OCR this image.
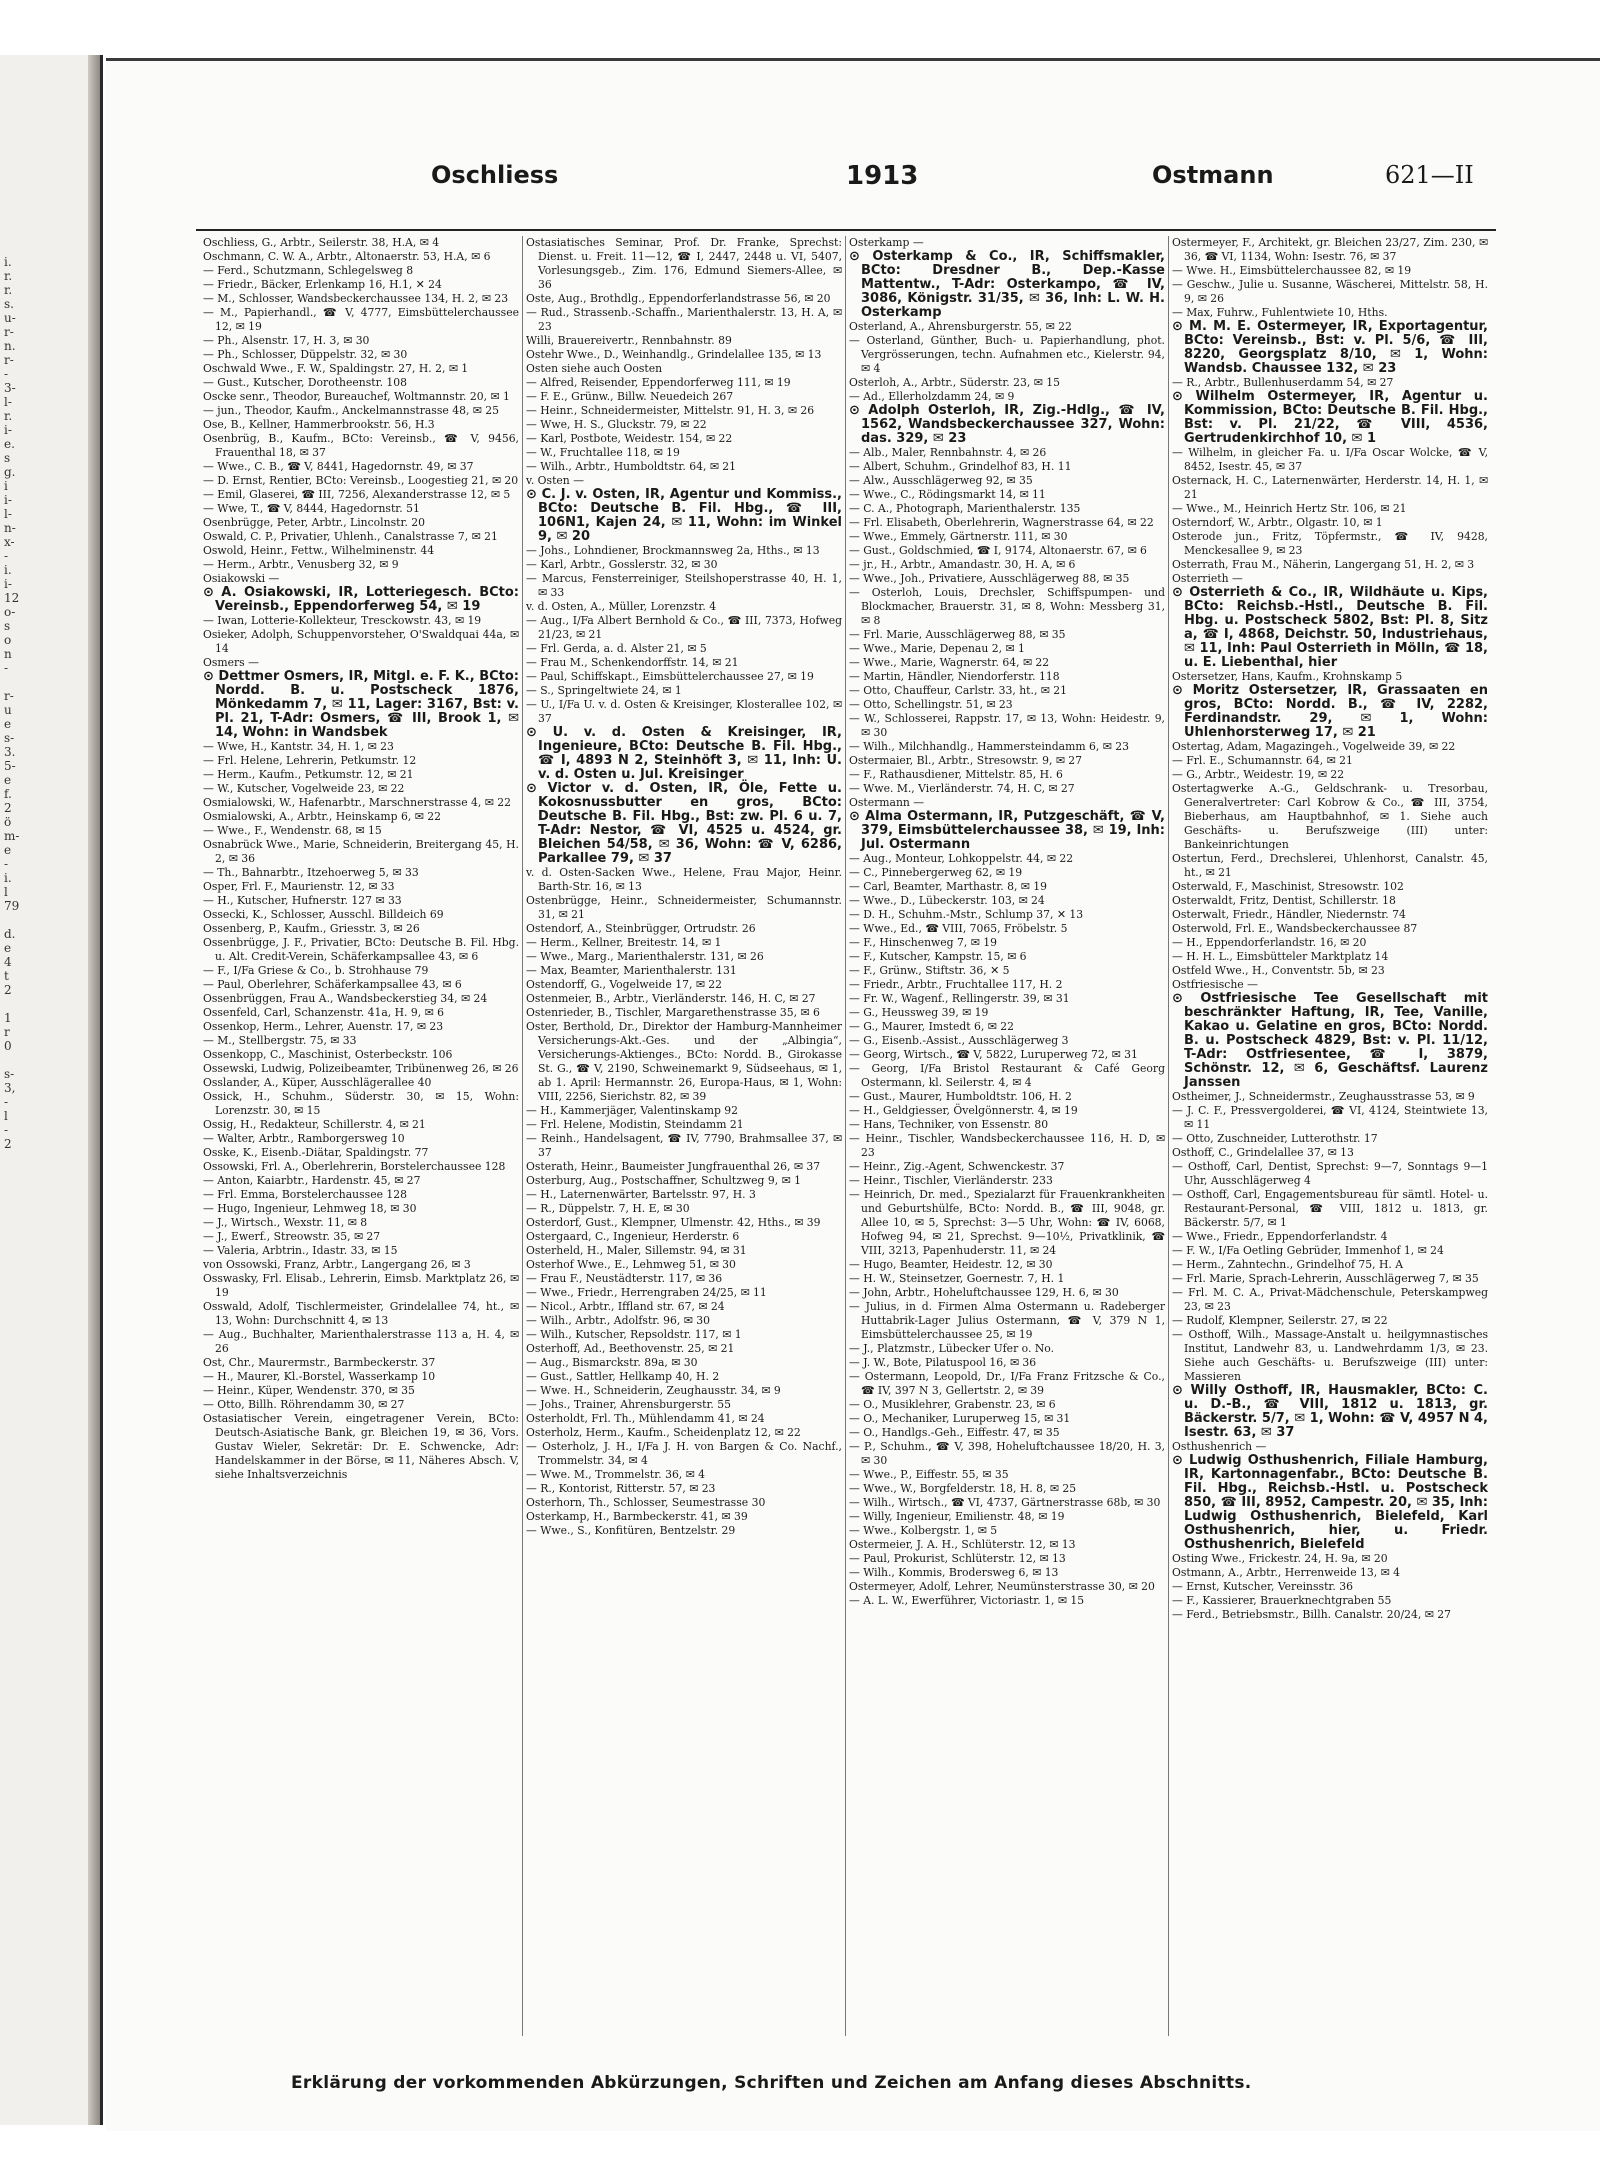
i.
r.
r.
s.
u-
r-
n.
r-
-
3-
l-
r.
i-
e.
s
g.
i
i-
l-
n-
x-
-
i.
i-
12
o-
s
o
n
-

r-
u
e
s-
3.
5-
e
f.
2
ö
m-
e
-
i.
l
79

d.
e
4
t
2

1
r
0

s-
3,
-
l
-
2
Oschliess	1913	Ostmann	621—II

Oschliess, G., Arbtr., Seilerstr. 38, H.A, ✉ 4

Oschmann, C. W. A., Arbtr., Altonaerstr. 53, H.A, ✉ 6

— Ferd., Schutzmann, Schlegelsweg 8

— Friedr., Bäcker, Erlenkamp 16, H.1, ✕ 24

— M., Schlosser, Wandsbeckerchaussee 134, H. 2, ✉ 23

— M., Papierhandl., ☎ V, 4777, Eimsbüttelerchaussee 12, ✉ 19

— Ph., Alsenstr. 17, H. 3, ✉ 30

— Ph., Schlosser, Düppelstr. 32, ✉ 30

Oschwald Wwe., F. W., Spaldingstr. 27, H. 2, ✉ 1

— Gust., Kutscher, Dorotheenstr. 108

Oscke senr., Theodor, Bureauchef, Woltmannstr. 20, ✉ 1

— jun., Theodor, Kaufm., Anckelmannstrasse 48, ✉ 25

Ose, B., Kellner, Hammerbrookstr. 56, H.3

Osenbrüg, B., Kaufm., BCto: Vereinsb., ☎ V, 9456, Frauenthal 18, ✉ 37

— Wwe., C. B., ☎ V, 8441, Hagedornstr. 49, ✉ 37

— D. Ernst, Rentier, BCto: Vereinsb., Loogestieg 21, ✉ 20

— Emil, Glaserei, ☎ III, 7256, Alexanderstrasse 12, ✉ 5

— Wwe, T., ☎ V, 8444, Hagedornstr. 51

Osenbrügge, Peter, Arbtr., Lincolnstr. 20

Oswald, C. P., Privatier, Uhlenh., Canalstrasse 7, ✉ 21

Oswold, Heinr., Fettw., Wilhelminenstr. 44

— Herm., Arbtr., Venusberg 32, ✉ 9

Osiakowski —

⊙ A. Osiakowski, IR, Lotteriegesch. BCto: Vereinsb., Eppendorferweg 54, ✉ 19

— Iwan, Lotterie-Kollekteur, Tresckowstr. 43, ✉ 19

Osieker, Adolph, Schuppenvorsteher, O'Swaldquai 44a, ✉ 14

Osmers —

⊙ Dettmer Osmers, IR, Mitgl. e. F. K., BCto: Nordd. B. u. Postscheck 1876, Mönkedamm 7, ✉ 11, Lager: 3167, Bst: v. Pl. 21, T-Adr: Osmers, ☎ III, Brook 1, ✉ 14, Wohn: in Wandsbek

— Wwe, H., Kantstr. 34, H. 1, ✉ 23

— Frl. Helene, Lehrerin, Petkumstr. 12

— Herm., Kaufm., Petkumstr. 12, ✉ 21

— W., Kutscher, Vogelweide 23, ✉ 22

Osmialowski, W., Hafenarbtr., Marschnerstrasse 4, ✉ 22

Osmialowski, A., Arbtr., Heinskamp 6, ✉ 22

— Wwe., F., Wendenstr. 68, ✉ 15

Osnabrück Wwe., Marie, Schneiderin, Breitergang 45, H. 2, ✉ 36

— Th., Bahnarbtr., Itzehoerweg 5, ✉ 33

Osper, Frl. F., Maurienstr. 12, ✉ 33

— H., Kutscher, Hufnerstr. 127 ✉ 33

Ossecki, K., Schlosser, Ausschl. Billdeich 69

Ossenberg, P., Kaufm., Griesstr. 3, ✉ 26

Ossenbrügge, J. F., Privatier, BCto: Deutsche B. Fil. Hbg. u. Alt. Credit-Verein, Schäferkampsallee 43, ✉ 6

— F., I/Fa Griese & Co., b. Strohhause 79

— Paul, Oberlehrer, Schäferkampsallee 43, ✉ 6

Ossenbrüggen, Frau A., Wandsbeckerstieg 34, ✉ 24

Ossenfeld, Carl, Schanzenstr. 41a, H. 9, ✉ 6

Ossenkop, Herm., Lehrer, Auenstr. 17, ✉ 23

— M., Stellbergstr. 75, ✉ 33

Ossenkopp, C., Maschinist, Osterbeckstr. 106

Ossewski, Ludwig, Polizeibeamter, Tribünenweg 26, ✉ 26

Osslander, A., Küper, Ausschlägerallee 40

Ossick, H., Schuhm., Süderstr. 30, ✉ 15, Wohn: Lorenzstr. 30, ✉ 15

Ossig, H., Redakteur, Schillerstr. 4, ✉ 21

— Walter, Arbtr., Ramborgersweg 10

Osske, K., Eisenb.-Diätar, Spaldingstr. 77

Ossowski, Frl. A., Oberlehrerin, Borstelerchaussee 128

— Anton, Kaiarbtr., Hardenstr. 45, ✉ 27

— Frl. Emma, Borstelerchaussee 128

— Hugo, Ingenieur, Lehmweg 18, ✉ 30

— J., Wirtsch., Wexstr. 11, ✉ 8

— J., Ewerf., Streowstr. 35, ✉ 27

— Valeria, Arbtrin., Idastr. 33, ✉ 15

von Ossowski, Franz, Arbtr., Langergang 26, ✉ 3

Osswasky, Frl. Elisab., Lehrerin, Eimsb. Marktplatz 26, ✉ 19

Osswald, Adolf, Tischlermeister, Grindelallee 74, ht., ✉ 13, Wohn: Durchschnitt 4, ✉ 13

— Aug., Buchhalter, Marienthalerstrasse 113 a, H. 4, ✉ 26

Ost, Chr., Maurermstr., Barmbeckerstr. 37

— H., Maurer, Kl.-Borstel, Wasserkamp 10

— Heinr., Küper, Wendenstr. 370, ✉ 35

— Otto, Billh. Röhrendamm 30, ✉ 27

Ostasiatischer Verein, eingetragener Verein, BCto: Deutsch-Asiatische Bank, gr. Bleichen 19, ✉ 36, Vors. Gustav Wieler, Sekretär: Dr. E. Schwencke, Adr: Handelskammer in der Börse, ✉ 11, Näheres Absch. V, siehe Inhaltsverzeichnis

Ostasiatisches Seminar, Prof. Dr. Franke, Sprechst: Dienst. u. Freit. 11—12, ☎ I, 2447, 2448 u. VI, 5407, Vorlesungsgeb., Zim. 176, Edmund Siemers-Allee, ✉ 36

Oste, Aug., Brothdlg., Eppendorferlandstrasse 56, ✉ 20

— Rud., Strassenb.-Schaffn., Marienthalerstr. 13, H. A, ✉ 23

Willi, Brauereivertr., Rennbahnstr. 89

Ostehr Wwe., D., Weinhandlg., Grindelallee 135, ✉ 13

Osten siehe auch Oosten

— Alfred, Reisender, Eppendorferweg 111, ✉ 19

— F. E., Grünw., Billw. Neuedeich 267

— Heinr., Schneidermeister, Mittelstr. 91, H. 3, ✉ 26

— Wwe, H. S., Gluckstr. 79, ✉ 22

— Karl, Postbote, Weidestr. 154, ✉ 22

— W., Fruchtallee 118, ✉ 19

— Wilh., Arbtr., Humboldtstr. 64, ✉ 21

v. Osten —

⊙ C. J. v. Osten, IR, Agentur und Kommiss., BCto: Deutsche B. Fil. Hbg., ☎ III, 106N1, Kajen 24, ✉ 11, Wohn: im Winkel 9, ✉ 20

— Johs., Lohndiener, Brockmannsweg 2a, Hths., ✉ 13

— Karl, Arbtr., Gosslerstr. 32, ✉ 30

— Marcus, Fensterreiniger, Steilshoperstrasse 40, H. 1, ✉ 33

v. d. Osten, A., Müller, Lorenzstr. 4

— Aug., I/Fa Albert Bernhold & Co., ☎ III, 7373, Hofweg 21/23, ✉ 21

— Frl. Gerda, a. d. Alster 21, ✉ 5

— Frau M., Schenkendorffstr. 14, ✉ 21

— Paul, Schiffskapt., Eimsbüttelerchaussee 27, ✉ 19

— S., Springeltwiete 24, ✉ 1

— U., I/Fa U. v. d. Osten & Kreisinger, Klosterallee 102, ✉ 37

⊙ U. v. d. Osten & Kreisinger, IR, Ingenieure, BCto: Deutsche B. Fil. Hbg., ☎ I, 4893 N 2, Steinhöft 3, ✉ 11, Inh: U. v. d. Osten u. Jul. Kreisinger

⊙ Victor v. d. Osten, IR, Öle, Fette u. Kokosnussbutter en gros, BCto: Deutsche B. Fil. Hbg., Bst: zw. Pl. 6 u. 7, T-Adr: Nestor, ☎ VI, 4525 u. 4524, gr. Bleichen 54/58, ✉ 36, Wohn: ☎ V, 6286, Parkallee 79, ✉ 37

v. d. Osten-Sacken Wwe., Helene, Frau Major, Heinr. Barth-Str. 16, ✉ 13

Ostenbrügge, Heinr., Schneidermeister, Schumannstr. 31, ✉ 21

Ostendorf, A., Steinbrügger, Ortrudstr. 26

— Herm., Kellner, Breitestr. 14, ✉ 1

— Wwe., Marg., Marienthalerstr. 131, ✉ 26

— Max, Beamter, Marienthalerstr. 131

Ostendorff, G., Vogelweide 17, ✉ 22

Ostenmeier, B., Arbtr., Vierländerstr. 146, H. C, ✉ 27

Ostenrieder, B., Tischler, Margarethenstrasse 35, ✉ 6

Oster, Berthold, Dr., Direktor der Hamburg-Mannheimer Versicherungs-Akt.-Ges. und der „Albingia“, Versicherungs-Aktienges., BCto: Nordd. B., Girokasse St. G., ☎ V, 2190, Schweinemarkt 9, Südseehaus, ✉ 1, ab 1. April: Hermannstr. 26, Europa-Haus, ✉ 1, Wohn: VIII, 2256, Sierichstr. 82, ✉ 39

— H., Kammerjäger, Valentinskamp 92

— Frl. Helene, Modistin, Steindamm 21

— Reinh., Handelsagent, ☎ IV, 7790, Brahmsallee 37, ✉ 37

Osterath, Heinr., Baumeister Jungfrauenthal 26, ✉ 37

Osterburg, Aug., Postschaffner, Schultzweg 9, ✉ 1

— H., Laternenwärter, Bartelsstr. 97, H. 3

— R., Düppelstr. 7, H. E, ✉ 30

Osterdorf, Gust., Klempner, Ulmenstr. 42, Hths., ✉ 39

Ostergaard, C., Ingenieur, Herderstr. 6

Osterheld, H., Maler, Sillemstr. 94, ✉ 31

Osterhof Wwe., E., Lehmweg 51, ✉ 30

— Frau F., Neustädterstr. 117, ✉ 36

— Wwe., Friedr., Herrengraben 24/25, ✉ 11

— Nicol., Arbtr., Iffland str. 67, ✉ 24

— Wilh., Arbtr., Adolfstr. 96, ✉ 30

— Wilh., Kutscher, Repsoldstr. 117, ✉ 1

Osterhoff, Ad., Beethovenstr. 25, ✉ 21

— Aug., Bismarckstr. 89a, ✉ 30

— Gust., Sattler, Hellkamp 40, H. 2

— Wwe. H., Schneiderin, Zeughausstr. 34, ✉ 9

— Johs., Trainer, Ahrensburgerstr. 55

Osterholdt, Frl. Th., Mühlendamm 41, ✉ 24

Osterholz, Herm., Kaufm., Scheidenplatz 12, ✉ 22

— Osterholz, J. H., I/Fa J. H. von Bargen & Co. Nachf., Trommelstr. 34, ✉ 4

— Wwe. M., Trommelstr. 36, ✉ 4

— R., Kontorist, Ritterstr. 57, ✉ 23

Osterhorn, Th., Schlosser, Seumestrasse 30

Osterkamp, H., Barmbeckerstr. 41, ✉ 39

— Wwe., S., Konfitüren, Bentzelstr. 29

Osterkamp —

⊙ Osterkamp & Co., IR, Schiffsmakler, BCto: Dresdner B., Dep.-Kasse Mattentw., T-Adr: Osterkampo, ☎ IV, 3086, Königstr. 31/35, ✉ 36, Inh: L. W. H. Osterkamp

Osterland, A., Ahrensburgerstr. 55, ✉ 22

— Osterland, Günther, Buch- u. Papierhandlung, phot. Vergrösserungen, techn. Aufnahmen etc., Kielerstr. 94, ✉ 4

Osterloh, A., Arbtr., Süderstr. 23, ✉ 15

— Ad., Ellerholzdamm 24, ✉ 9

⊙ Adolph Osterloh, IR, Zig.-Hdlg., ☎ IV, 1562, Wandsbeckerchaussee 327, Wohn: das. 329, ✉ 23

— Alb., Maler, Rennbahnstr. 4, ✉ 26

— Albert, Schuhm., Grindelhof 83, H. 11

— Alw., Ausschlägerweg 92, ✉ 35

— Wwe., C., Rödingsmarkt 14, ✉ 11

— C. A., Photograph, Marienthalerstr. 135

— Frl. Elisabeth, Oberlehrerin, Wagnerstrasse 64, ✉ 22

— Wwe., Emmely, Gärtnerstr. 111, ✉ 30

— Gust., Goldschmied, ☎ I, 9174, Altonaerstr. 67, ✉ 6

— jr., H., Arbtr., Amandastr. 30, H. A, ✉ 6

— Wwe., Joh., Privatiere, Ausschlägerweg 88, ✉ 35

— Osterloh, Louis, Drechsler, Schiffspumpen- und Blockmacher, Brauerstr. 31, ✉ 8, Wohn: Messberg 31, ✉ 8

— Frl. Marie, Ausschlägerweg 88, ✉ 35

— Wwe., Marie, Depenau 2, ✉ 1

— Wwe., Marie, Wagnerstr. 64, ✉ 22

— Martin, Händler, Niendorferstr. 118

— Otto, Chauffeur, Carlstr. 33, ht., ✉ 21

— Otto, Schellingstr. 51, ✉ 23

— W., Schlosserei, Rappstr. 17, ✉ 13, Wohn: Heidestr. 9, ✉ 30

— Wilh., Milchhandlg., Hammersteindamm 6, ✉ 23

Ostermaier, Bl., Arbtr., Stresowstr. 9, ✉ 27

— F., Rathausdiener, Mittelstr. 85, H. 6

— Wwe. M., Vierländerstr. 74, H. C, ✉ 27

Ostermann —

⊙ Alma Ostermann, IR, Putzgeschäft, ☎ V, 379, Eimsbüttelerchaussee 38, ✉ 19, Inh: Jul. Ostermann

— Aug., Monteur, Lohkoppelstr. 44, ✉ 22

— C., Pinnebergerweg 62, ✉ 19

— Carl, Beamter, Marthastr. 8, ✉ 19

— Wwe., D., Lübeckerstr. 103, ✉ 24

— D. H., Schuhm.-Mstr., Schlump 37, ✕ 13

— Wwe., Ed., ☎ VIII, 7065, Fröbelstr. 5

— F., Hinschenweg 7, ✉ 19

— F., Kutscher, Kampstr. 15, ✉ 6

— F., Grünw., Stiftstr. 36, ✕ 5

— Friedr., Arbtr., Fruchtallee 117, H. 2

— Fr. W., Wagenf., Rellingerstr. 39, ✉ 31

— G., Heussweg 39, ✉ 19

— G., Maurer, Imstedt 6, ✉ 22

— G., Eisenb.-Assist., Ausschlägerweg 3

— Georg, Wirtsch., ☎ V, 5822, Luruperweg 72, ✉ 31

— Georg, I/Fa Bristol Restaurant & Café Georg Ostermann, kl. Seilerstr. 4, ✉ 4

— Gust., Maurer, Humboldtstr. 106, H. 2

— H., Geldgiesser, Övelgönnerstr. 4, ✉ 19

— Hans, Techniker, von Essenstr. 80

— Heinr., Tischler, Wandsbeckerchaussee 116, H. D, ✉ 23

— Heinr., Zig.-Agent, Schwenckestr. 37

— Heinr., Tischler, Vierländerstr. 233

— Heinrich, Dr. med., Spezialarzt für Frauenkrankheiten und Geburtshülfe, BCto: Nordd. B., ☎ III, 9048, gr. Allee 10, ✉ 5, Sprechst: 3—5 Uhr, Wohn: ☎ IV, 6068, Hofweg 94, ✉ 21, Sprechst. 9—10½, Privatklinik, ☎ VIII, 3213, Papenhuderstr. 11, ✉ 24

— Hugo, Beamter, Heidestr. 12, ✉ 30

— H. W., Steinsetzer, Goernestr. 7, H. 1

— John, Arbtr., Hoheluftchaussee 129, H. 6, ✉ 30

— Julius, in d. Firmen Alma Ostermann u. Radeberger Huttabrik-Lager Julius Ostermann, ☎ V, 379 N 1, Eimsbüttelerchaussee 25, ✉ 19

— J., Platzmstr., Lübecker Ufer o. No.

— J. W., Bote, Pilatuspool 16, ✉ 36

— Ostermann, Leopold, Dr., I/Fa Franz Fritzsche & Co., ☎ IV, 397 N 3, Gellertstr. 2, ✉ 39

— O., Musiklehrer, Grabenstr. 23, ✉ 6

— O., Mechaniker, Luruperweg 15, ✉ 31

— O., Handlgs.-Geh., Eiffestr. 47, ✉ 35

— P., Schuhm., ☎ V, 398, Hoheluftchaussee 18/20, H. 3, ✉ 30

— Wwe., P., Eiffestr. 55, ✉ 35

— Wwe., W., Borgfelderstr. 18, H. 8, ✉ 25

— Wilh., Wirtsch., ☎ VI, 4737, Gärtnerstrasse 68b, ✉ 30

— Willy, Ingenieur, Emilienstr. 48, ✉ 19

— Wwe., Kolbergstr. 1, ✉ 5

Ostermeier, J. A. H., Schlüterstr. 12, ✉ 13

— Paul, Prokurist, Schlüterstr. 12, ✉ 13

— Wilh., Kommis, Brodersweg 6, ✉ 13

Ostermeyer, Adolf, Lehrer, Neumünsterstrasse 30, ✉ 20

— A. L. W., Ewerführer, Victoriastr. 1, ✉ 15

Ostermeyer, F., Architekt, gr. Bleichen 23/27, Zim. 230, ✉ 36, ☎ VI, 1134, Wohn: Isestr. 76, ✉ 37

— Wwe. H., Eimsbüttelerchaussee 82, ✉ 19

— Geschw., Julie u. Susanne, Wäscherei, Mittelstr. 58, H. 9, ✉ 26

— Max, Fuhrw., Fuhlentwiete 10, Hths.

⊙ M. M. E. Ostermeyer, IR, Exportagentur, BCto: Vereinsb., Bst: v. Pl. 5/6, ☎ III, 8220, Georgsplatz 8/10, ✉ 1, Wohn: Wandsb. Chaussee 132, ✉ 23

— R., Arbtr., Bullenhuserdamm 54, ✉ 27

⊙ Wilhelm Ostermeyer, IR, Agentur u. Kommission, BCto: Deutsche B. Fil. Hbg., Bst: v. Pl. 21/22, ☎ VIII, 4536, Gertrudenkirchhof 10, ✉ 1

— Wilhelm, in gleicher Fa. u. I/Fa Oscar Wolcke, ☎ V, 8452, Isestr. 45, ✉ 37

Osternack, H. C., Laternenwärter, Herderstr. 14, H. 1, ✉ 21

— Wwe., M., Heinrich Hertz Str. 106, ✉ 21

Osterndorf, W., Arbtr., Olgastr. 10, ✉ 1

Osterode jun., Fritz, Töpfermstr., ☎ IV, 9428, Menckesallee 9, ✉ 23

Osterrath, Frau M., Näherin, Langergang 51, H. 2, ✉ 3

Osterrieth —

⊙ Osterrieth & Co., IR, Wildhäute u. Kips, BCto: Reichsb.-Hstl., Deutsche B. Fil. Hbg. u. Postscheck 5802, Bst: Pl. 8, Sitz a, ☎ I, 4868, Deichstr. 50, Industriehaus, ✉ 11, Inh: Paul Osterrieth in Mölln, ☎ 18, u. E. Liebenthal, hier

Ostersetzer, Hans, Kaufm., Krohnskamp 5

⊙ Moritz Ostersetzer, IR, Grassaaten en gros, BCto: Nordd. B., ☎ IV, 2282, Ferdinandstr. 29, ✉ 1, Wohn: Uhlenhorsterweg 17, ✉ 21

Ostertag, Adam, Magazingeh., Vogelweide 39, ✉ 22

— Frl. E., Schumannstr. 64, ✉ 21

— G., Arbtr., Weidestr. 19, ✉ 22

Ostertagwerke A.-G., Geldschrank- u. Tresorbau, Generalvertreter: Carl Kobrow & Co., ☎ III, 3754, Bieberhaus, am Hauptbahnhof, ✉ 1. Siehe auch Geschäfts- u. Berufszweige (III) unter: Bankeinrichtungen

Ostertun, Ferd., Drechslerei, Uhlenhorst, Canalstr. 45, ht., ✉ 21

Osterwald, F., Maschinist, Stresowstr. 102

Osterwaldt, Fritz, Dentist, Schillerstr. 18

Osterwalt, Friedr., Händler, Niedernstr. 74

Osterwold, Frl. E., Wandsbeckerchaussee 87

— H., Eppendorferlandstr. 16, ✉ 20

— H. H. L., Eimsbütteler Marktplatz 14

Ostfeld Wwe., H., Conventstr. 5b, ✉ 23

Ostfriesische —

⊙ Ostfriesische Tee Gesellschaft mit beschränkter Haftung, IR, Tee, Vanille, Kakao u. Gelatine en gros, BCto: Nordd. B. u. Postscheck 4829, Bst: v. Pl. 11/12, T-Adr: Ostfriesentee, ☎ I, 3879, Schönstr. 12, ✉ 6, Geschäftsf. Laurenz Janssen

Ostheimer, J., Schneidermstr., Zeughausstrasse 53, ✉ 9

— J. C. F., Pressvergolderei, ☎ VI, 4124, Steintwiete 13, ✉ 11

— Otto, Zuschneider, Lutterothstr. 17

Osthoff, C., Grindelallee 37, ✉ 13

— Osthoff, Carl, Dentist, Sprechst: 9—7, Sonntags 9—1 Uhr, Ausschlägerweg 4

— Osthoff, Carl, Engagementsbureau für sämtl. Hotel- u. Restaurant-Personal, ☎ VIII, 1812 u. 1813, gr. Bäckerstr. 5/7, ✉ 1

— Wwe., Friedr., Eppendorferlandstr. 4

— F. W., I/Fa Oetling Gebrüder, Immenhof 1, ✉ 24

— Herm., Zahntechn., Grindelhof 75, H. A

— Frl. Marie, Sprach-Lehrerin, Ausschlägerweg 7, ✉ 35

— Frl. M. C. A., Privat-Mädchenschule, Peterskampweg 23, ✉ 23

— Rudolf, Klempner, Seilerstr. 27, ✉ 22

— Osthoff, Wilh., Massage-Anstalt u. heilgymnastisches Institut, Landwehr 83, u. Landwehrdamm 1/3, ✉ 23. Siehe auch Geschäfts- u. Berufszweige (III) unter: Massieren

⊙ Willy Osthoff, IR, Hausmakler, BCto: C. u. D.-B., ☎ VIII, 1812 u. 1813, gr. Bäckerstr. 5/7, ✉ 1, Wohn: ☎ V, 4957 N 4, Isestr. 63, ✉ 37

Osthushenrich —

⊙ Ludwig Osthushenrich, Filiale Hamburg, IR, Kartonnagenfabr., BCto: Deutsche B. Fil. Hbg., Reichsb.-Hstl. u. Postscheck 850, ☎ III, 8952, Campestr. 20, ✉ 35, Inh: Ludwig Osthushenrich, Bielefeld, Karl Osthushenrich, hier, u. Friedr. Osthushenrich, Bielefeld

Osting Wwe., Frickestr. 24, H. 9a, ✉ 20

Ostmann, A., Arbtr., Herrenweide 13, ✉ 4

— Ernst, Kutscher, Vereinsstr. 36

— F., Kassierer, Brauerknechtgraben 55

— Ferd., Betriebsmstr., Billh. Canalstr. 20/24, ✉ 27

Erklärung der vorkommenden Abkürzungen, Schriften und Zeichen am Anfang dieses Abschnitts.
